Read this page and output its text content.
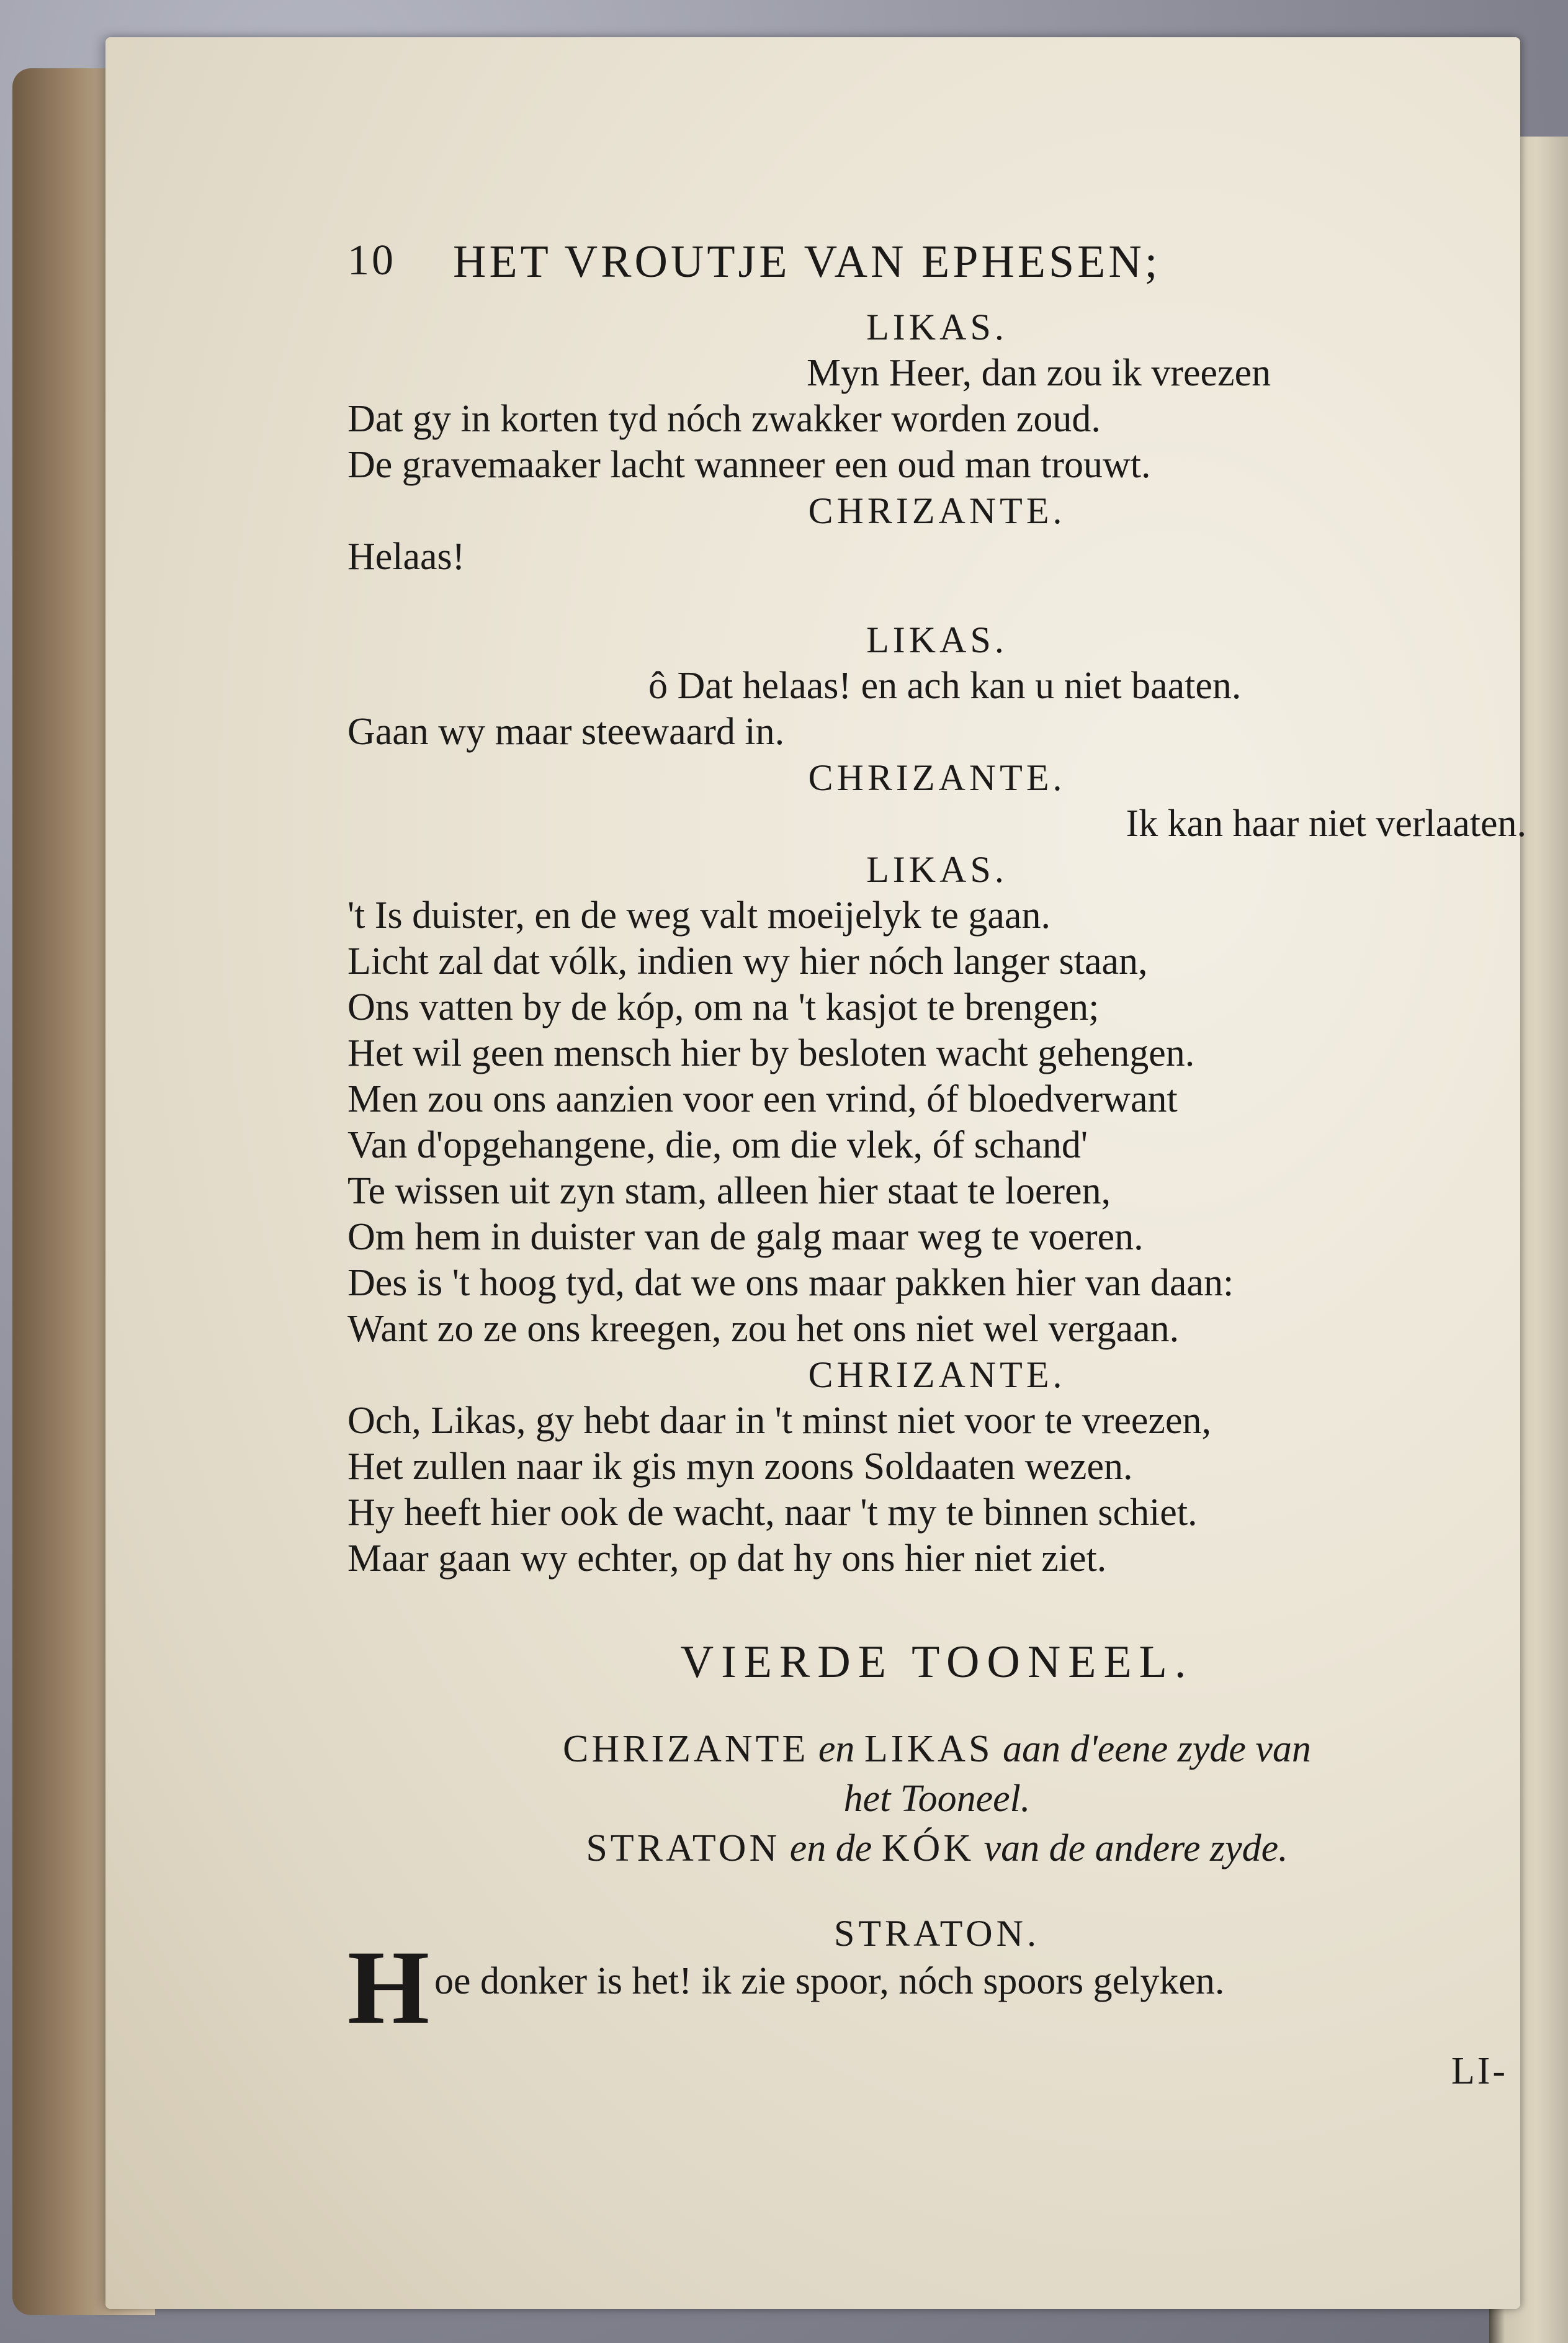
10 HET VROUTJE VAN EPHESEN;
LIKAS.
Myn Heer, dan zou ik vreezen
Dat gy in korten tyd nóch zwakker worden zoud.
De gravemaaker lacht wanneer een oud man trouwt.
CHRIZANTE.
Helaas!
LIKAS.
ô Dat helaas! en ach kan u niet baaten.
Gaan wy maar steewaard in.
CHRIZANTE.
Ik kan haar niet verlaaten.
LIKAS.
't Is duister, en de weg valt moeijelyk te gaan.
Licht zal dat vólk, indien wy hier nóch langer staan,
Ons vatten by de kóp, om na 't kasjot te brengen;
Het wil geen mensch hier by besloten wacht gehengen.
Men zou ons aanzien voor een vrind, óf bloedverwant
Van d'opgehangene, die, om die vlek, óf schand'
Te wissen uit zyn stam, alleen hier staat te loeren,
Om hem in duister van de galg maar weg te voeren.
Des is 't hoog tyd, dat we ons maar pakken hier van daan:
Want zo ze ons kreegen, zou het ons niet wel vergaan.
CHRIZANTE.
Och, Likas, gy hebt daar in 't minst niet voor te vreezen,
Het zullen naar ik gis myn zoons Soldaaten wezen.
Hy heeft hier ook de wacht, naar 't my te binnen schiet.
Maar gaan wy echter, op dat hy ons hier niet ziet.
VIERDE TOONEEL.
CHRIZANTE en LIKAS aan d'eene zyde van
het Tooneel.
STRATON en de KÓK van de andere zyde.
STRATON.
H oe donker is het! ik zie spoor, nóch spoors gelyken.
LI-
